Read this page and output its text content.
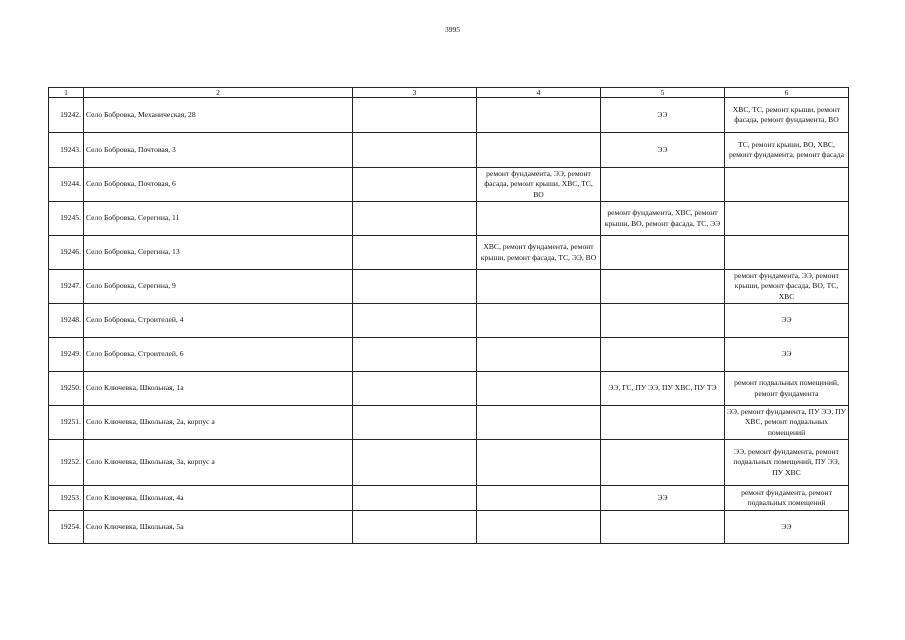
3995
1	2	3	4	5	6
19242.	Село Бобровка, Механическая, 28			ЭЭ	ХВС, ТС, ремонт крыши, ремонт фасада, ремонт фундамента, ВО
19243.	Село Бобровка, Почтовая, 3			ЭЭ	ТС, ремонт крыши, ВО, ХВС, ремонт фундамента, ремонт фасада
19244.	Село Бобровка, Почтовая, 6		ремонт фундамента, ЭЭ, ремонт фасада, ремонт крыши, ХВС, ТС, ВО		
19245.	Село Бобровка, Серегина, 11			ремонт фундамента, ХВС, ремонт крыши, ВО, ремонт фасада, ТС, ЭЭ	
19246.	Село Бобровка, Серегина, 13		ХВС, ремонт фундамента, ремонт крыши, ремонт фасада, ТС, ЭЭ, ВО		
19247.	Село Бобровка, Серегина, 9				ремонт фундамента, ЭЭ, ремонт крыши, ремонт фасада, ВО, ТС, ХВС
19248.	Село Бобровка, Строителей, 4				ЭЭ
19249.	Село Бобровка, Строителей, 6				ЭЭ
19250.	Село Ключевка, Школьная, 1а			ЭЭ, ГС, ПУ ЭЭ, ПУ ХВС, ПУ ТЭ	ремонт подвальных помещений, ремонт фундамента
19251.	Село Ключевка, Школьная, 2а, корпус а				ЭЭ, ремонт фундамента, ПУ ЭЭ, ПУ ХВС, ремонт подвальных помещений
19252.	Село Ключевка, Школьная, 3а, корпус а				ЭЭ, ремонт фундамента, ремонт подвальных помещений, ПУ ЭЭ, ПУ ХВС
19253.	Село Ключевка, Школьная, 4а			ЭЭ	ремонт фундамента, ремонт подвальных помещений
19254.	Село Ключевка, Школьная, 5а				ЭЭ
